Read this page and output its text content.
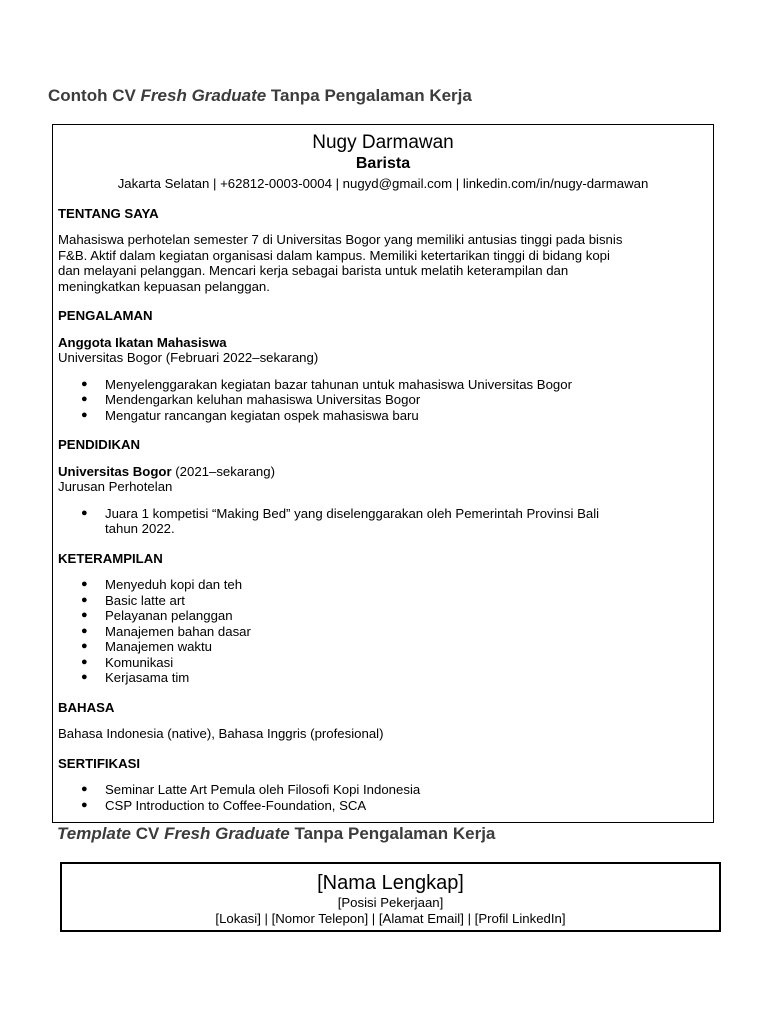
Contoh CV Fresh Graduate Tanpa Pengalaman Kerja
Nugy Darmawan
Barista
Jakarta Selatan | +62812-0003-0004 | nugyd@gmail.com | linkedin.com/in/nugy-darmawan
TENTANG SAYA
Mahasiswa perhotelan semester 7 di Universitas Bogor yang memiliki antusias tinggi pada bisnis
F&B. Aktif dalam kegiatan organisasi dalam kampus. Memiliki ketertarikan tinggi di bidang kopi
dan melayani pelanggan. Mencari kerja sebagai barista untuk melatih keterampilan dan
meningkatkan kepuasan pelanggan.
PENGALAMAN
Anggota Ikatan Mahasiswa
Universitas Bogor (Februari 2022–sekarang)
● Menyelenggarakan kegiatan bazar tahunan untuk mahasiswa Universitas Bogor
● Mendengarkan keluhan mahasiswa Universitas Bogor
● Mengatur rancangan kegiatan ospek mahasiswa baru
PENDIDIKAN
Universitas Bogor (2021–sekarang)
Jurusan Perhotelan
● Juara 1 kompetisi “Making Bed” yang diselenggarakan oleh Pemerintah Provinsi Bali
tahun 2022.
KETERAMPILAN
● Menyeduh kopi dan teh
● Basic latte art
● Pelayanan pelanggan
● Manajemen bahan dasar
● Manajemen waktu
● Komunikasi
● Kerjasama tim
BAHASA
Bahasa Indonesia (native), Bahasa Inggris (profesional)
SERTIFIKASI
● Seminar Latte Art Pemula oleh Filosofi Kopi Indonesia
● CSP Introduction to Coffee-Foundation, SCA
Template CV Fresh Graduate Tanpa Pengalaman Kerja
[Nama Lengkap]
[Posisi Pekerjaan]
[Lokasi] | [Nomor Telepon] | [Alamat Email] | [Profil LinkedIn]
